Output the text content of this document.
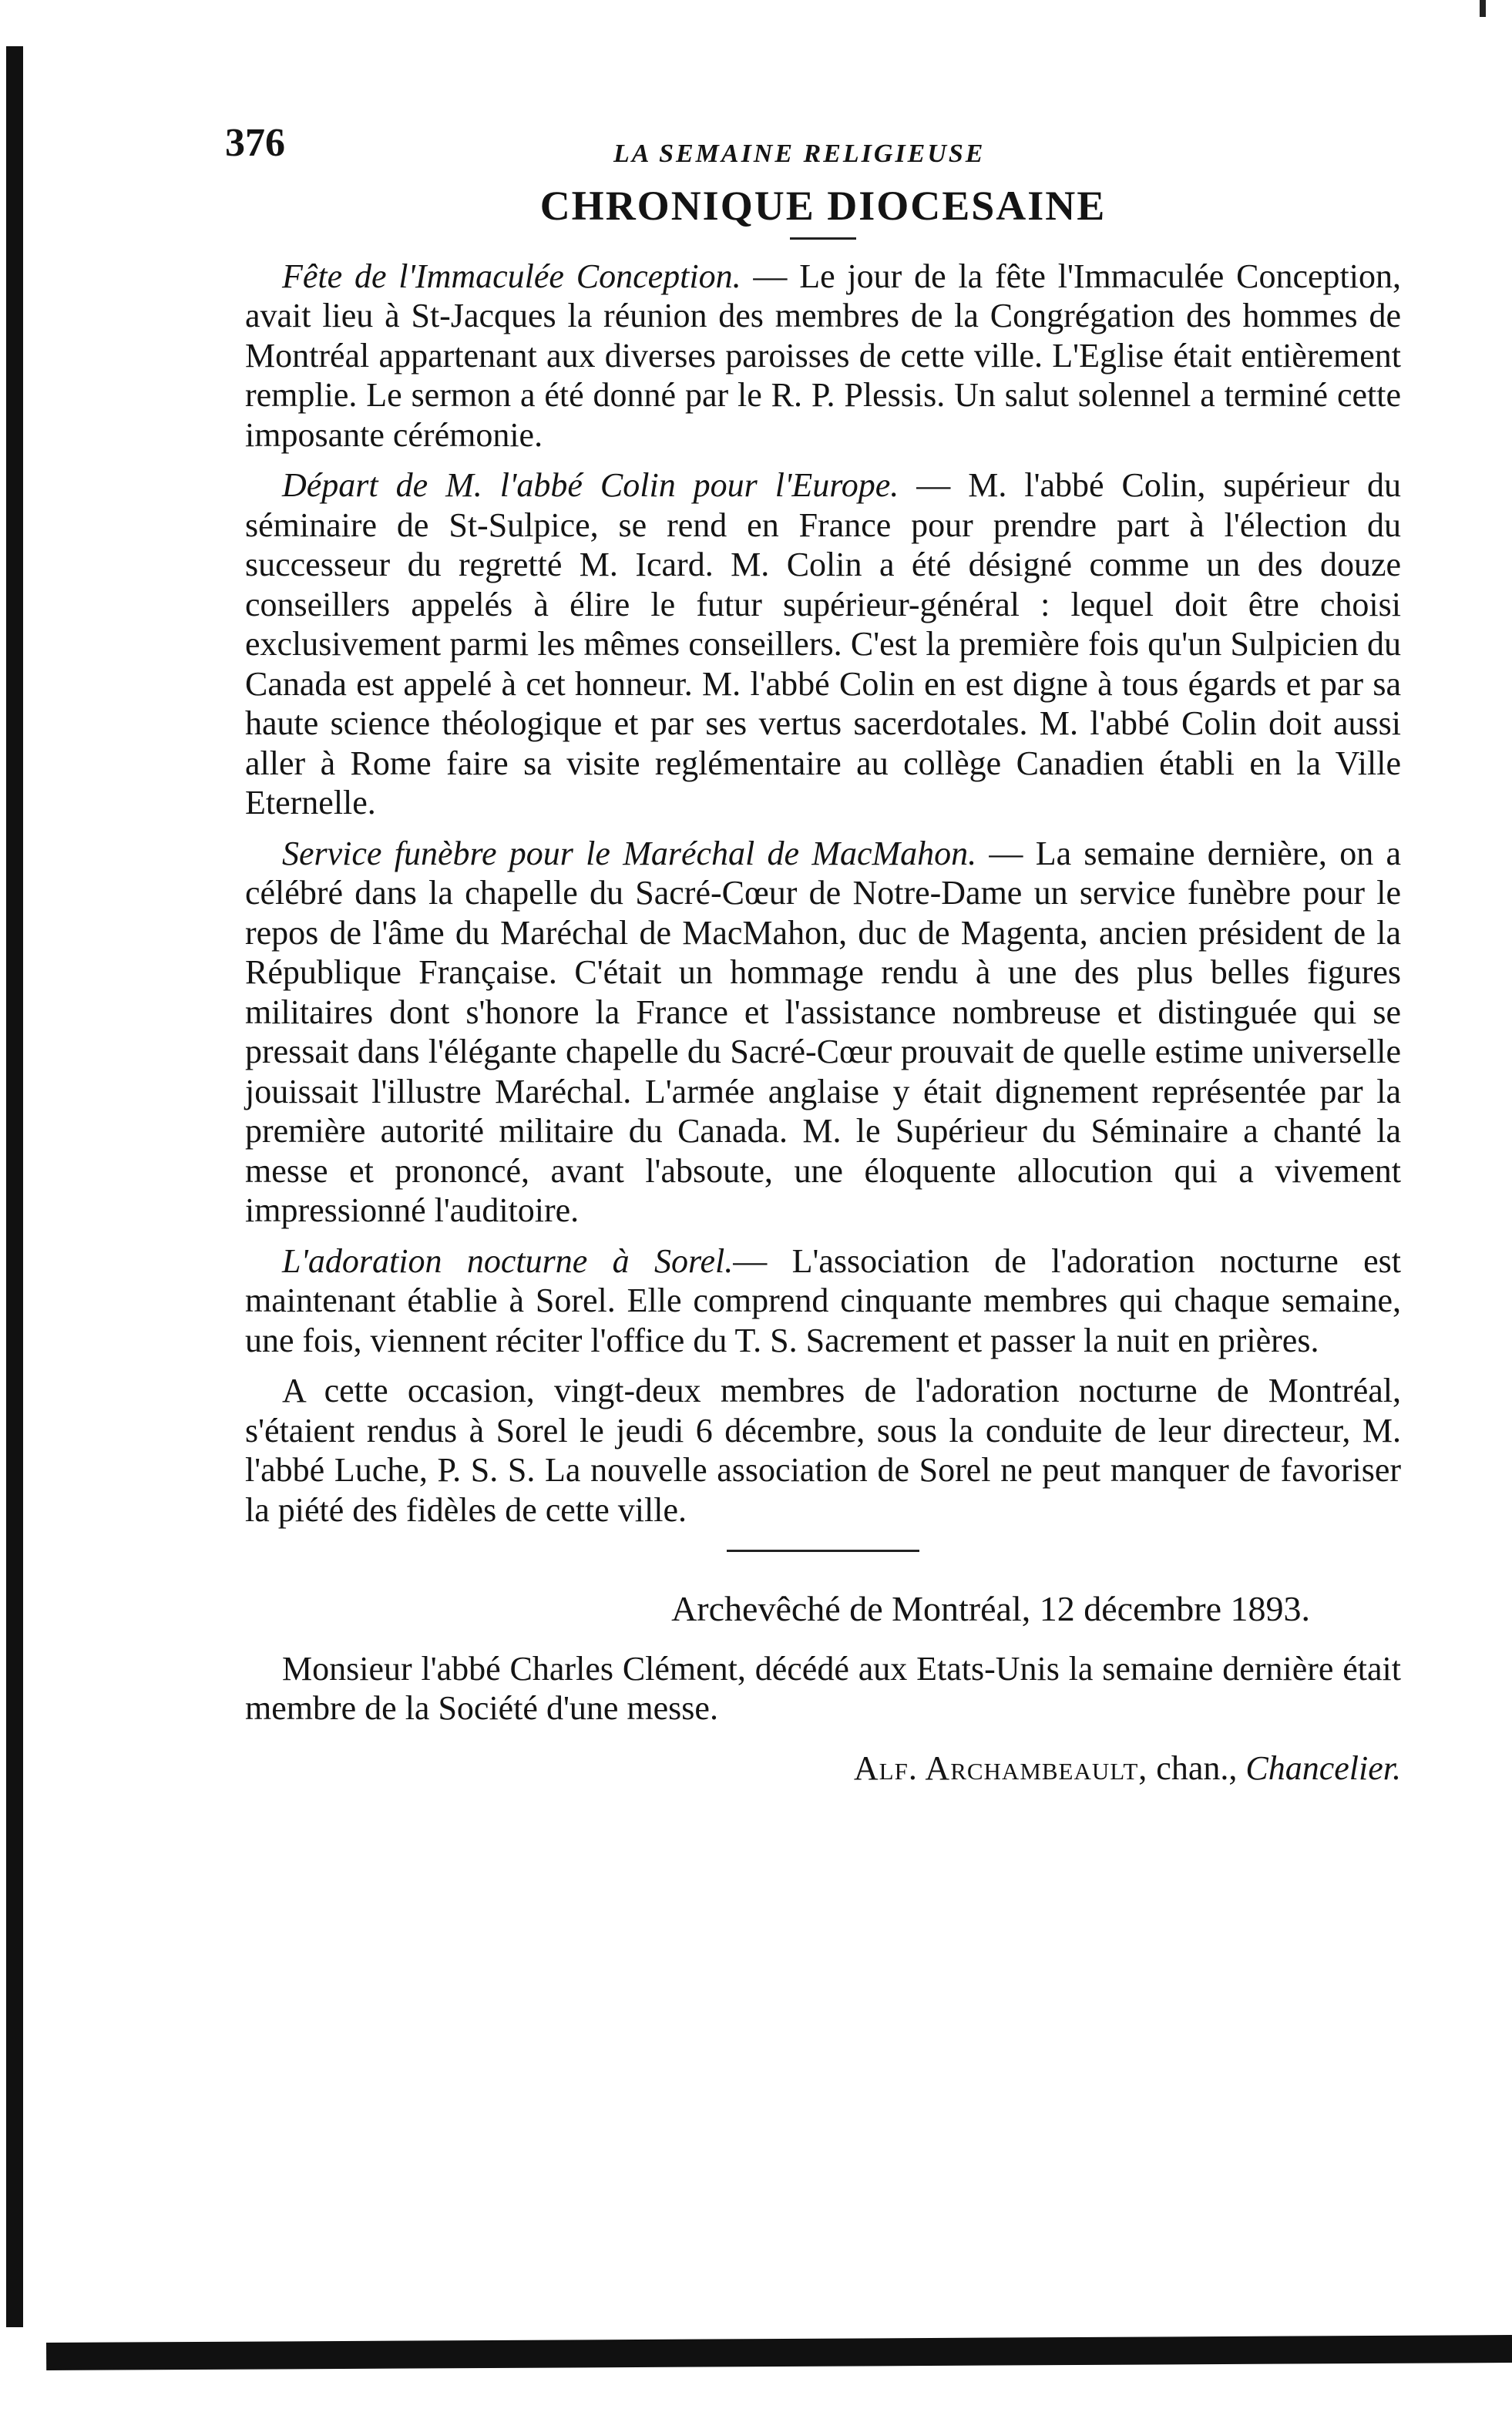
376	LA SEMAINE RELIGIEUSE
CHRONIQUE DIOCESAINE

Fête de l'Immaculée Conception. — Le jour de la fête l'Immaculée Conception, avait lieu à St-Jacques la réunion des membres de la Congrégation des hommes de Montréal appartenant aux diverses paroisses de cette ville. L'Eglise était entièrement remplie. Le sermon a été donné par le R. P. Plessis. Un salut solennel a terminé cette imposante cérémonie.

Départ de M. l'abbé Colin pour l'Europe. — M. l'abbé Colin, supérieur du séminaire de St-Sulpice, se rend en France pour prendre part à l'élection du successeur du regretté M. Icard. M. Colin a été désigné comme un des douze conseillers appelés à élire le futur supérieur-général : lequel doit être choisi exclusivement parmi les mêmes conseillers. C'est la première fois qu'un Sulpicien du Canada est appelé à cet honneur. M. l'abbé Colin en est digne à tous égards et par sa haute science théologique et par ses vertus sacerdotales. M. l'abbé Colin doit aussi aller à Rome faire sa visite reglémentaire au collège Canadien établi en la Ville Eternelle.

Service funèbre pour le Maréchal de MacMahon. — La semaine dernière, on a célébré dans la chapelle du Sacré-Cœur de Notre-Dame un service funèbre pour le repos de l'âme du Maréchal de MacMahon, duc de Magenta, ancien président de la République Française. C'était un hommage rendu à une des plus belles figures militaires dont s'honore la France et l'assistance nombreuse et distinguée qui se pressait dans l'élégante chapelle du Sacré-Cœur prouvait de quelle estime universelle jouissait l'illustre Maréchal. L'armée anglaise y était dignement représentée par la première autorité militaire du Canada. M. le Supérieur du Séminaire a chanté la messe et prononcé, avant l'absoute, une éloquente allocution qui a vivement impressionné l'auditoire.

L'adoration nocturne à Sorel.— L'association de l'adoration nocturne est maintenant établie à Sorel. Elle comprend cinquante membres qui chaque semaine, une fois, viennent réciter l'office du T. S. Sacrement et passer la nuit en prières.

A cette occasion, vingt-deux membres de l'adoration nocturne de Montréal, s'étaient rendus à Sorel le jeudi 6 décembre, sous la conduite de leur directeur, M. l'abbé Luche, P. S. S. La nouvelle association de Sorel ne peut manquer de favoriser la piété des fidèles de cette ville.

Archevêché de Montréal, 12 décembre 1893.

Monsieur l'abbé Charles Clément, décédé aux Etats-Unis la semaine dernière était membre de la Société d'une messe.

Alf. Archambeault, chan., Chancelier.
